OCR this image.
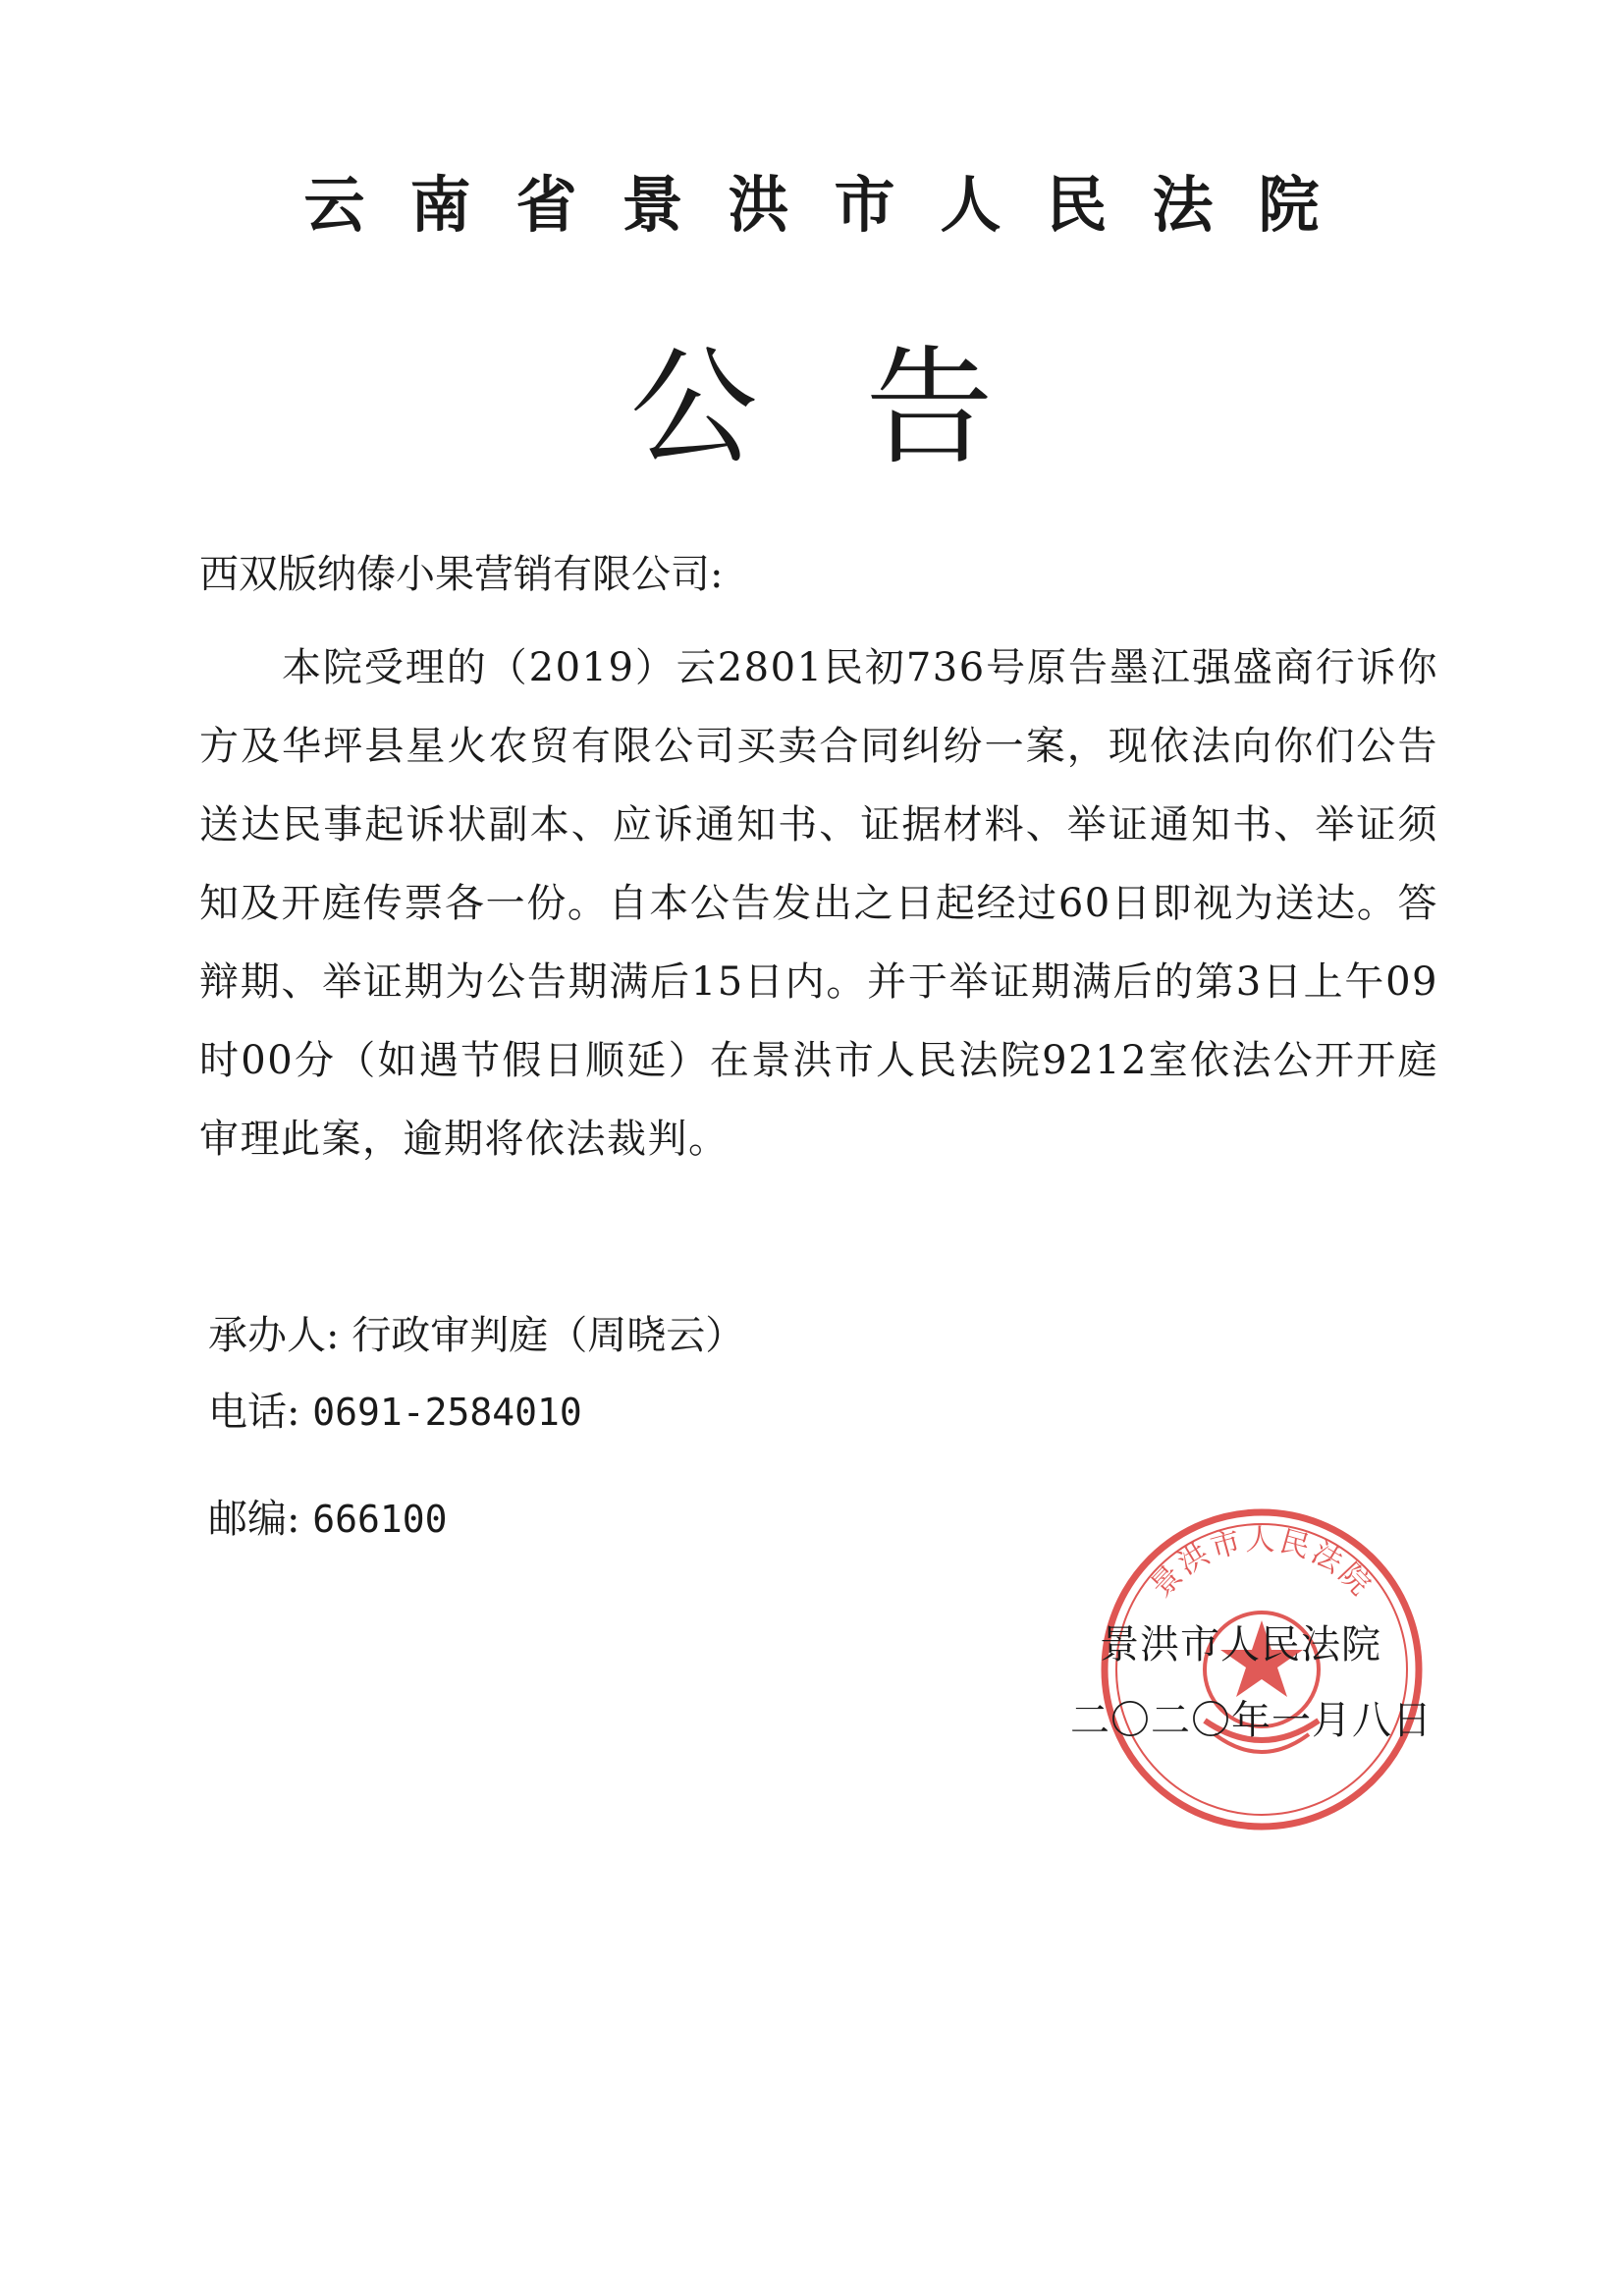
云南省景洪市人民法院
公告
西双版纳傣小果营销有限公司:

本院受理的（2019）云2801民初736号原告墨江强盛商行诉你方及华坪县星火农贸有限公司买卖合同纠纷一案，现依法向你们公告送达民事起诉状副本、应诉通知书、证据材料、举证通知书、举证须知及开庭传票各一份。自本公告发出之日起经过60日即视为送达。答辩期、举证期为公告期满后15日内。并于举证期满后的第3日上午09时00分（如遇节假日顺延）在景洪市人民法院9212室依法公开开庭审理此案，逾期将依法裁判。

承办人: 行政审判庭（周晓云）
电话: 0691-2584010
邮编: 666100
景洪市人民法院
景洪市人民法院
二〇二〇年一月八日
